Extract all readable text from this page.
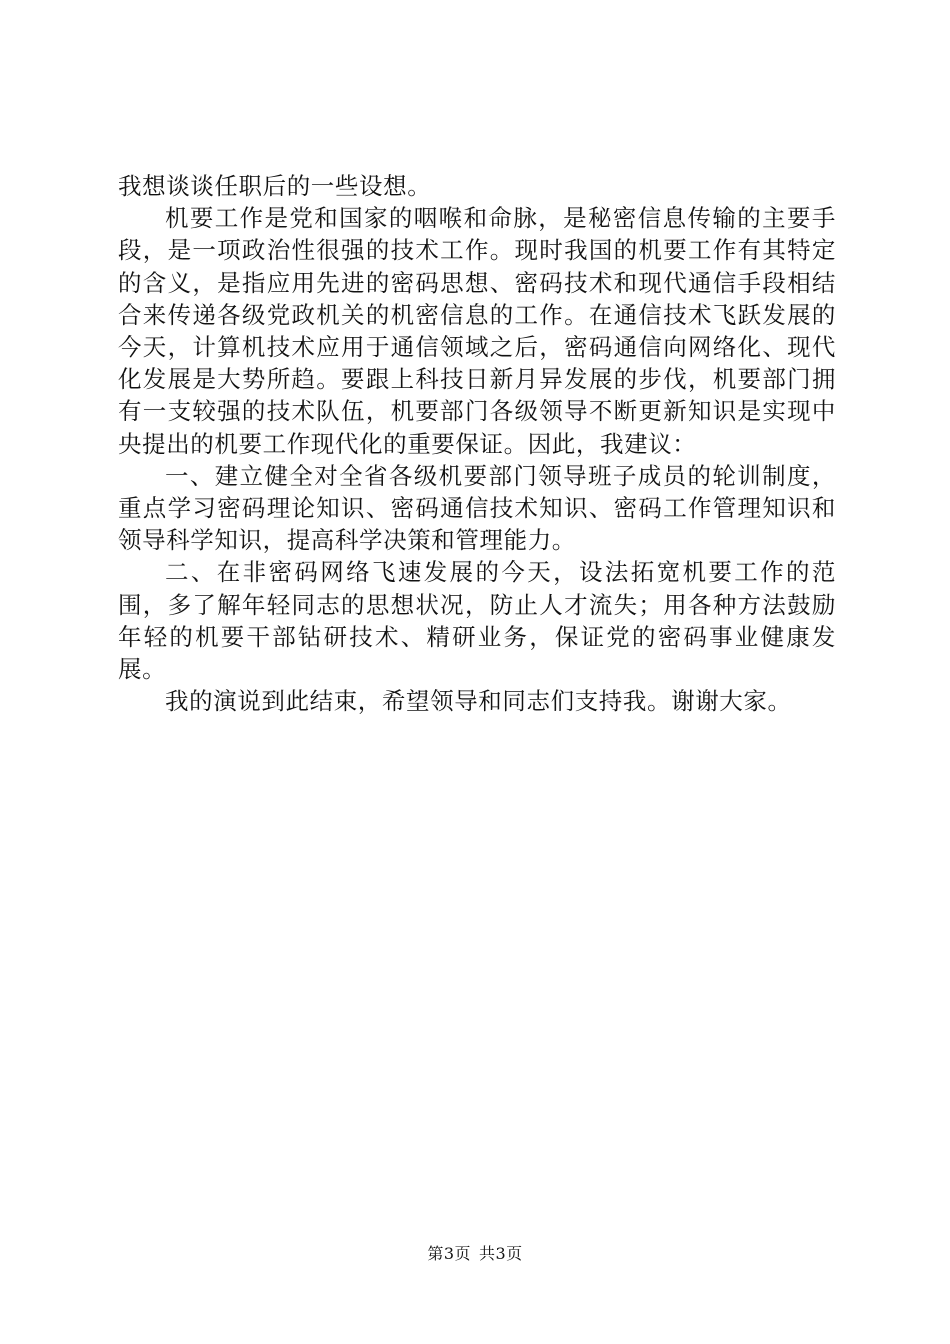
我想谈谈任职后的一些设想。

机要工作是党和国家的咽喉和命脉，是秘密信息传输的主要手段，是一项政治性很强的技术工作。现时我国的机要工作有其特定的含义，是指应用先进的密码思想、密码技术和现代通信手段相结合来传递各级党政机关的机密信息的工作。在通信技术飞跃发展的今天，计算机技术应用于通信领域之后，密码通信向网络化、现代化发展是大势所趋。要跟上科技日新月异发展的步伐，机要部门拥有一支较强的技术队伍，机要部门各级领导不断更新知识是实现中央提出的机要工作现代化的重要保证。因此，我建议：

一、建立健全对全省各级机要部门领导班子成员的轮训制度，重点学习密码理论知识、密码通信技术知识、密码工作管理知识和领导科学知识，提高科学决策和管理能力。

二、在非密码网络飞速发展的今天，设法拓宽机要工作的范围，多了解年轻同志的思想状况，防止人才流失；用各种方法鼓励年轻的机要干部钻研技术、精研业务，保证党的密码事业健康发展。

我的演说到此结束，希望领导和同志们支持我。谢谢大家。

第3页 共3页
